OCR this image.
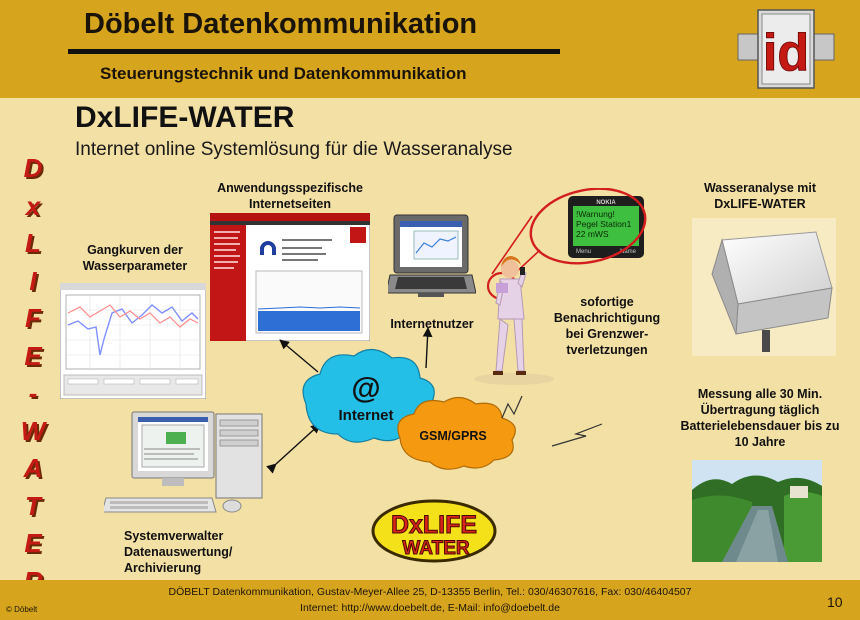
Döbelt Datenkommunikation
Steuerungstechnik und Datenkommunikation	id
D
x
L
I
F
E
-
W
A
T
E
DxLIFE-WATER
Internet online Systemlösung für die Wasseranalyse
Anwendungsspezifische Internetseiten
Gangkurven der Wasserparameter
Internetnutzer
Wasseranalyse mit DxLIFE-WATER
sofortige Benachrichtigung bei Grenzwer- tverletzungen
Messung alle 30 Min. Übertragung täglich Batterielebensdauer bis zu 10 Jahre
Systemverwalter Datenauswertung/ Archivierung
NOKIA
!Warnung!
Pegel Station1
22 mWS
Menu	Name
@
Internet
GSM/GPRS
DxLIFE
WATER
DÖBELT Datenkommunikation, Gustav-Meyer-Allee 25, D-13355 Berlin, Tel.: 030/46307616, Fax: 030/46404507
Internet: http://www.doebelt.de, E-Mail: info@doebelt.de
© Döbelt	10
